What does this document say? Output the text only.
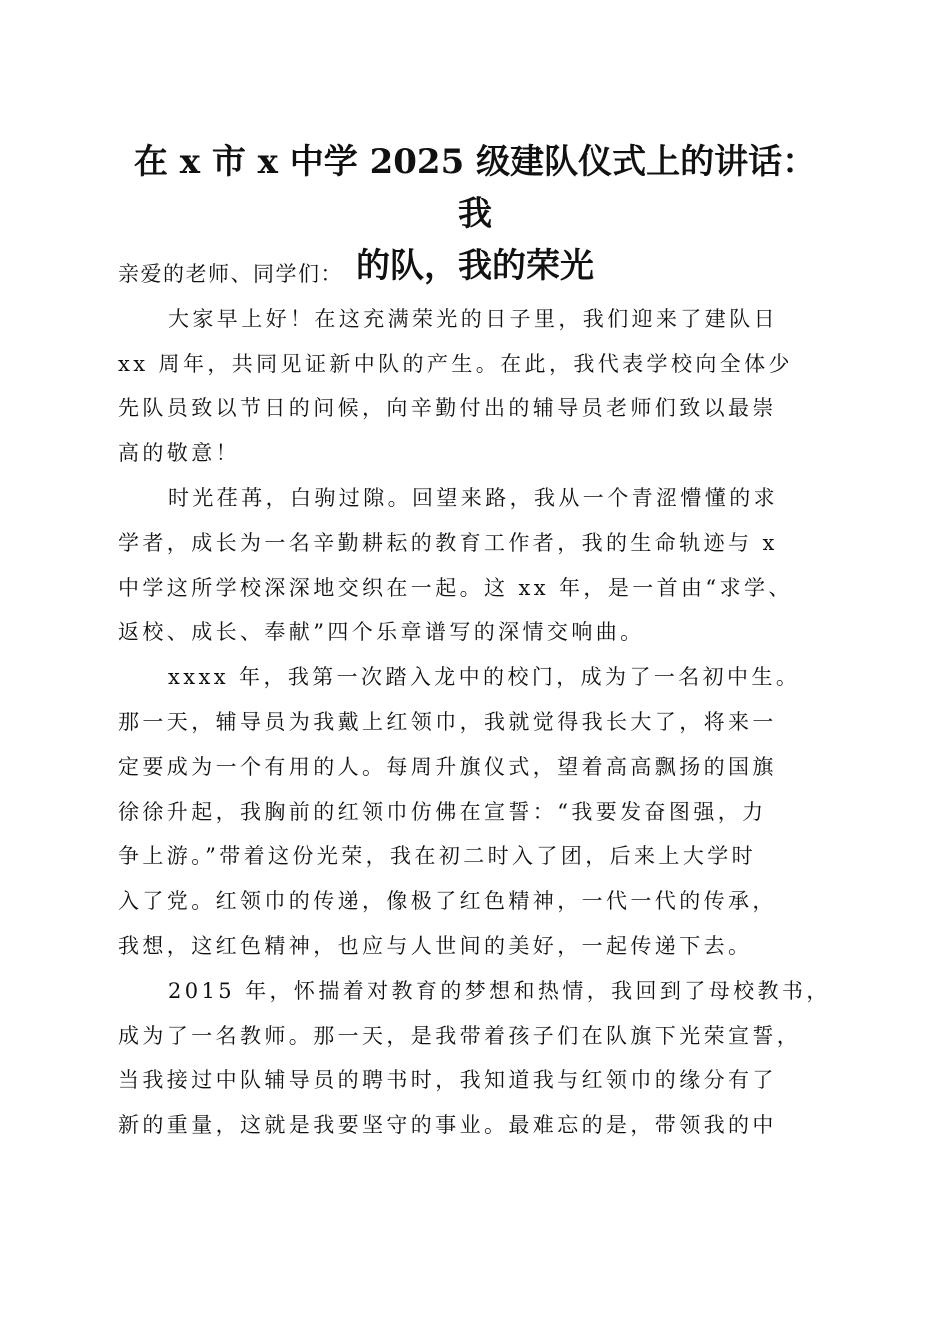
在 x 市 x 中学 2025 级建队仪式上的讲话：我
的队，我的荣光
亲爱的老师、同学们：
大家早上好！在这充满荣光的日子里，我们迎来了建队日
xx 周年，共同见证新中队的产生。在此，我代表学校向全体少
先队员致以节日的问候，向辛勤付出的辅导员老师们致以最崇
高的敬意！
时光荏苒，白驹过隙。回望来路，我从一个青涩懵懂的求
学者，成长为一名辛勤耕耘的教育工作者，我的生命轨迹与 x
中学这所学校深深地交织在一起。这 xx 年，是一首由“求学、
返校、成长、奉献”四个乐章谱写的深情交响曲。
xxxx 年，我第一次踏入龙中的校门，成为了一名初中生。
那一天，辅导员为我戴上红领巾，我就觉得我长大了，将来一
定要成为一个有用的人。每周升旗仪式，望着高高飘扬的国旗
徐徐升起，我胸前的红领巾仿佛在宣誓：“我要发奋图强，力
争上游。”带着这份光荣，我在初二时入了团，后来上大学时
入了党。红领巾的传递，像极了红色精神，一代一代的传承，
我想，这红色精神，也应与人世间的美好，一起传递下去。
2015 年，怀揣着对教育的梦想和热情，我回到了母校教书，
成为了一名教师。那一天，是我带着孩子们在队旗下光荣宣誓，
当我接过中队辅导员的聘书时，我知道我与红领巾的缘分有了
新的重量，这就是我要坚守的事业。最难忘的是，带领我的中
